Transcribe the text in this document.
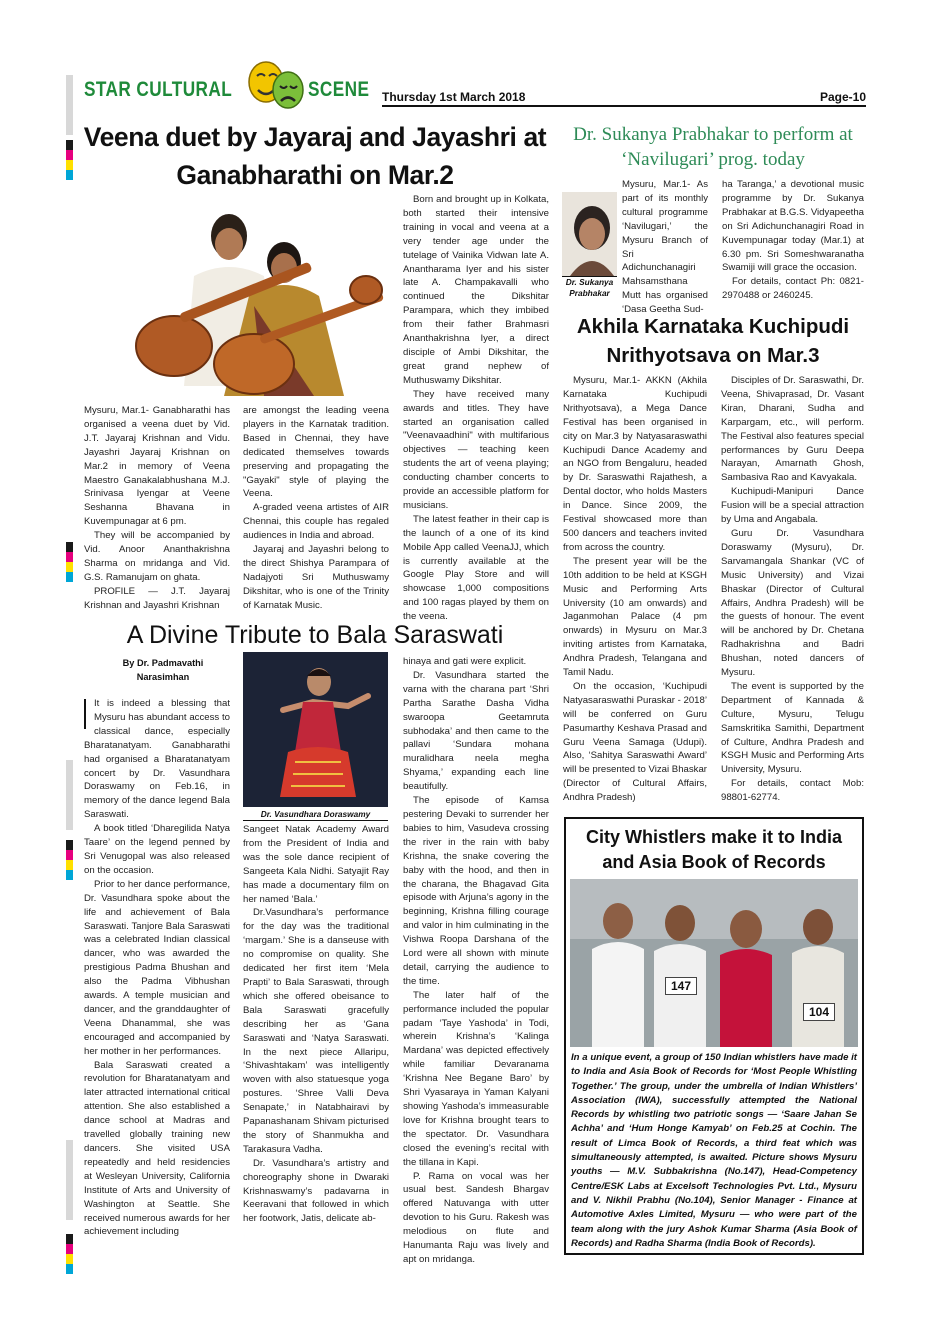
STAR CULTURAL	SCENE Thursday 1st March 2018	Page-10
Veena duet by Jayaraj and Jayashri at Ganabharathi on Mar.2

Mysuru, Mar.1- Ganabharathi has organised a veena duet by Vid. J.T. Jayaraj Krishnan and Vidu. Jayashri Jayaraj Krishnan on Mar.2 in memory of Veena Maestro Ganakalabhushana M.J. Srinivasa Iyengar at Veene Seshanna Bhavana in Kuvempunagar at 6 pm.

They will be accompanied by Vid. Anoor Ananthakrishna Sharma on mridanga and Vid. G.S. Ramanujam on ghata.

PROFILE — J.T. Jayaraj Krishnan and Jayashri Krishnan

are amongst the leading veena players in the Karnatak tradition. Based in Chennai, they have dedicated themselves towards preserving and propagating the "Gayaki" style of playing the Veena.

A-graded veena artistes of AIR Chennai, this couple has regaled audiences in India and abroad.

Jayaraj and Jayashri belong to the direct Shishya Parampara of Nadajyoti Sri Muthuswamy Dikshitar, who is one of the Trinity of Karnatak Music.

Born and brought up in Kolkata, both started their intensive training in vocal and veena at a very tender age under the tutelage of Vainika Vidwan late A. Anantharama Iyer and his sister late A. Champakavalli who continued the Dikshitar Parampara, which they imbibed from their father Brahmasri Ananthakrishna Iyer, a direct disciple of Ambi Dikshitar, the great grand nephew of Muthuswamy Dikshitar.

They have received many awards and titles. They have started an organisation called "Veenavaadhini" with multifarious objectives — teaching keen students the art of veena playing; conducting chamber concerts to provide an accessible platform for musicians.

The latest feather in their cap is the launch of a one of its kind Mobile App called VeenaJJ, which is currently available at the Google Play Store and will showcase 1,000 compositions and 100 ragas played by them on the veena.

Dr. Sukanya Prabhakar to perform at ‘Navilugari’ prog. today
Dr. Sukanya Prabhakar

Mysuru, Mar.1- As part of its monthly cultural programme ‘Navilugari,’ the Mysuru Branch of Sri Adichunchanagiri Mahsamsthana Mutt has organised ‘Dasa Geetha Sud-

ha Taranga,’ a devotional music programme by Dr. Sukanya Prabhakar at B.G.S. Vidyapeetha on Sri Adichunchanagiri Road in Kuvempunagar today (Mar.1) at 6.30 pm. Sri Someshwaranatha Swamiji will grace the occasion.

For details, contact Ph: 0821-2970488 or 2460245.

Akhila Karnataka Kuchipudi Nrithyotsava on Mar.3

Mysuru, Mar.1- AKKN (Akhila Karnataka Kuchipudi Nrithyotsava), a Mega Dance Festival has been organised in city on Mar.3 by Natyasaraswathi Kuchipudi Dance Academy and an NGO from Bengaluru, headed by Dr. Saraswathi Rajathesh, a Dental doctor, who holds Masters in Dance. Since 2009, the Festival showcased more than 500 dancers and teachers invited from across the country.

The present year will be the 10th addition to be held at KSGH Music and Performing Arts University (10 am onwards) and Jaganmohan Palace (4 pm onwards) in Mysuru on Mar.3 inviting artistes from Karnataka, Andhra Pradesh, Telangana and Tamil Nadu.

On the occasion, ‘Kuchipudi Natyasaraswathi Puraskar - 2018’ will be conferred on Guru Pasumarthy Keshava Prasad and Guru Veena Samaga (Udupi). Also, ‘Sahitya Saraswathi Award’ will be presented to Vizai Bhaskar (Director of Cultural Affairs, Andhra Pradesh)

Disciples of Dr. Saraswathi, Dr. Veena, Shivaprasad, Dr. Vasant Kiran, Dharani, Sudha and Karpargam, etc., will perform. The Festival also features special performances by Guru Deepa Narayan, Amarnath Ghosh, Sambasiva Rao and Kavyakala.

Kuchipudi-Manipuri Dance Fusion will be a special attraction by Uma and Angabala.

Guru Dr. Vasundhara Doraswamy (Mysuru), Dr. Sarvamangala Shankar (VC of Music University) and Vizai Bhaskar (Director of Cultural Affairs, Andhra Pradesh) will be the guests of honour. The event will be anchored by Dr. Chetana Radhakrishna and Badri Bhushan, noted dancers of Mysuru.

The event is supported by the Department of Kannada & Culture, Mysuru, Telugu Samskritika Samithi, Department of Culture, Andhra Pradesh and KSGH Music and Performing Arts University, Mysuru.

For details, contact Mob: 98801-62774.

A Divine Tribute to Bala Saraswati
By Dr. Padmavathi Narasimhan
Dr. Vasundhara Doraswamy

It is indeed a blessing that Mysuru has abundant access to classical dance, especially Bharatanatyam. Ganabharathi had organised a Bharatanatyam concert by Dr. Vasundhara Doraswamy on Feb.16, in memory of the dance legend Bala Saraswati.

A book titled ‘Dharegilida Natya Taare’ on the legend penned by Sri Venugopal was also released on the occasion.

Prior to her dance performance, Dr. Vasundhara spoke about the life and achievement of Bala Saraswati. Tanjore Bala Saraswati was a celebrated Indian classical dancer, who was awarded the prestigious Padma Bhushan and also the Padma Vibhushan awards. A temple musician and dancer, and the granddaughter of Veena Dhanammal, she was encouraged and accompanied by her mother in her performances.

Bala Saraswati created a revolution for Bharatanatyam and later attracted international critical attention. She also established a dance school at Madras and travelled globally training new dancers. She visited USA repeatedly and held residencies at Wesleyan University, California Institute of Arts and University of Washington at Seattle. She received numerous awards for her achievement including

Sangeet Natak Academy Award from the President of India and was the sole dance recipient of Sangeeta Kala Nidhi. Satyajit Ray has made a documentary film on her named ‘Bala.’

Dr.Vasundhara’s performance for the day was the traditional ‘margam.’ She is a danseuse with no compromise on quality. She dedicated her first item ‘Mela Prapti’ to Bala Saraswati, through which she offered obeisance to Bala Saraswati gracefully describing her as ‘Gana Saraswati and ‘Natya Saraswati. In the next piece Allaripu, ‘Shivashtakam’ was intelligently woven with also statuesque yoga postures. ‘Shree Valli Deva Senapate,’ in Natabhairavi by Papanashanam Shivam picturised the story of Shanmukha and Tarakasura Vadha.

Dr. Vasundhara’s artistry and choreography shone in Dwaraki Krishnaswamy’s padavarna in Keeravani that followed in which her footwork, Jatis, delicate ab-

hinaya and gati were explicit.

Dr. Vasundhara started the varna with the charana part ‘Shri Partha Sarathe Dasha Vidha swaroopa Geetamruta subhodaka’ and then came to the pallavi ‘Sundara mohana muralidhara neela megha Shyama,’ expanding each line beautifully.

The episode of Kamsa pestering Devaki to surrender her babies to him, Vasudeva crossing the river in the rain with baby Krishna, the snake covering the baby with the hood, and then in the charana, the Bhagavad Gita episode with Arjuna’s agony in the beginning, Krishna filling courage and valor in him culminating in the Vishwa Roopa Darshana of the Lord were all shown with minute detail, carrying the audience to the time.

The later half of the performance included the popular padam ‘Taye Yashoda’ in Todi, wherein Krishna’s ‘Kalinga Mardana’ was depicted effectively while familiar Devaranama ‘Krishna Nee Begane Baro’ by Shri Vyasaraya in Yaman Kalyani showing Yashoda’s immeasurable love for Krishna brought tears to the spectator. Dr. Vasundhara closed the evening’s recital with the tillana in Kapi.

P. Rama on vocal was her usual best. Sandesh Bhargav offered Natuvanga with utter devotion to his Guru. Rakesh was melodious on flute and Hanumanta Raju was lively and apt on mridanga.

City Whistlers make it to India and Asia Book of Records
147
104
In a unique event, a group of 150 Indian whistlers have made it to India and Asia Book of Records for ‘Most People Whistling Together.’ The group, under the umbrella of Indian Whistlers’ Association (IWA), successfully attempted the National Records by whistling two patriotic songs — ‘Saare Jahan Se Achha’ and ‘Hum Honge Kamyab’ on Feb.25 at Cochin. The result of Limca Book of Records, a third feat which was simultaneously attempted, is awaited. Picture shows Mysuru youths — M.V. Subbakrishna (No.147), Head-Competency Centre/ESK Labs at Excelsoft Technologies Pvt. Ltd., Mysuru and V. Nikhil Prabhu (No.104), Senior Manager - Finance at Automotive Axles Limited, Mysuru — who were part of the team along with the jury Ashok Kumar Sharma (Asia Book of Records) and Radha Sharma (India Book of Records).
